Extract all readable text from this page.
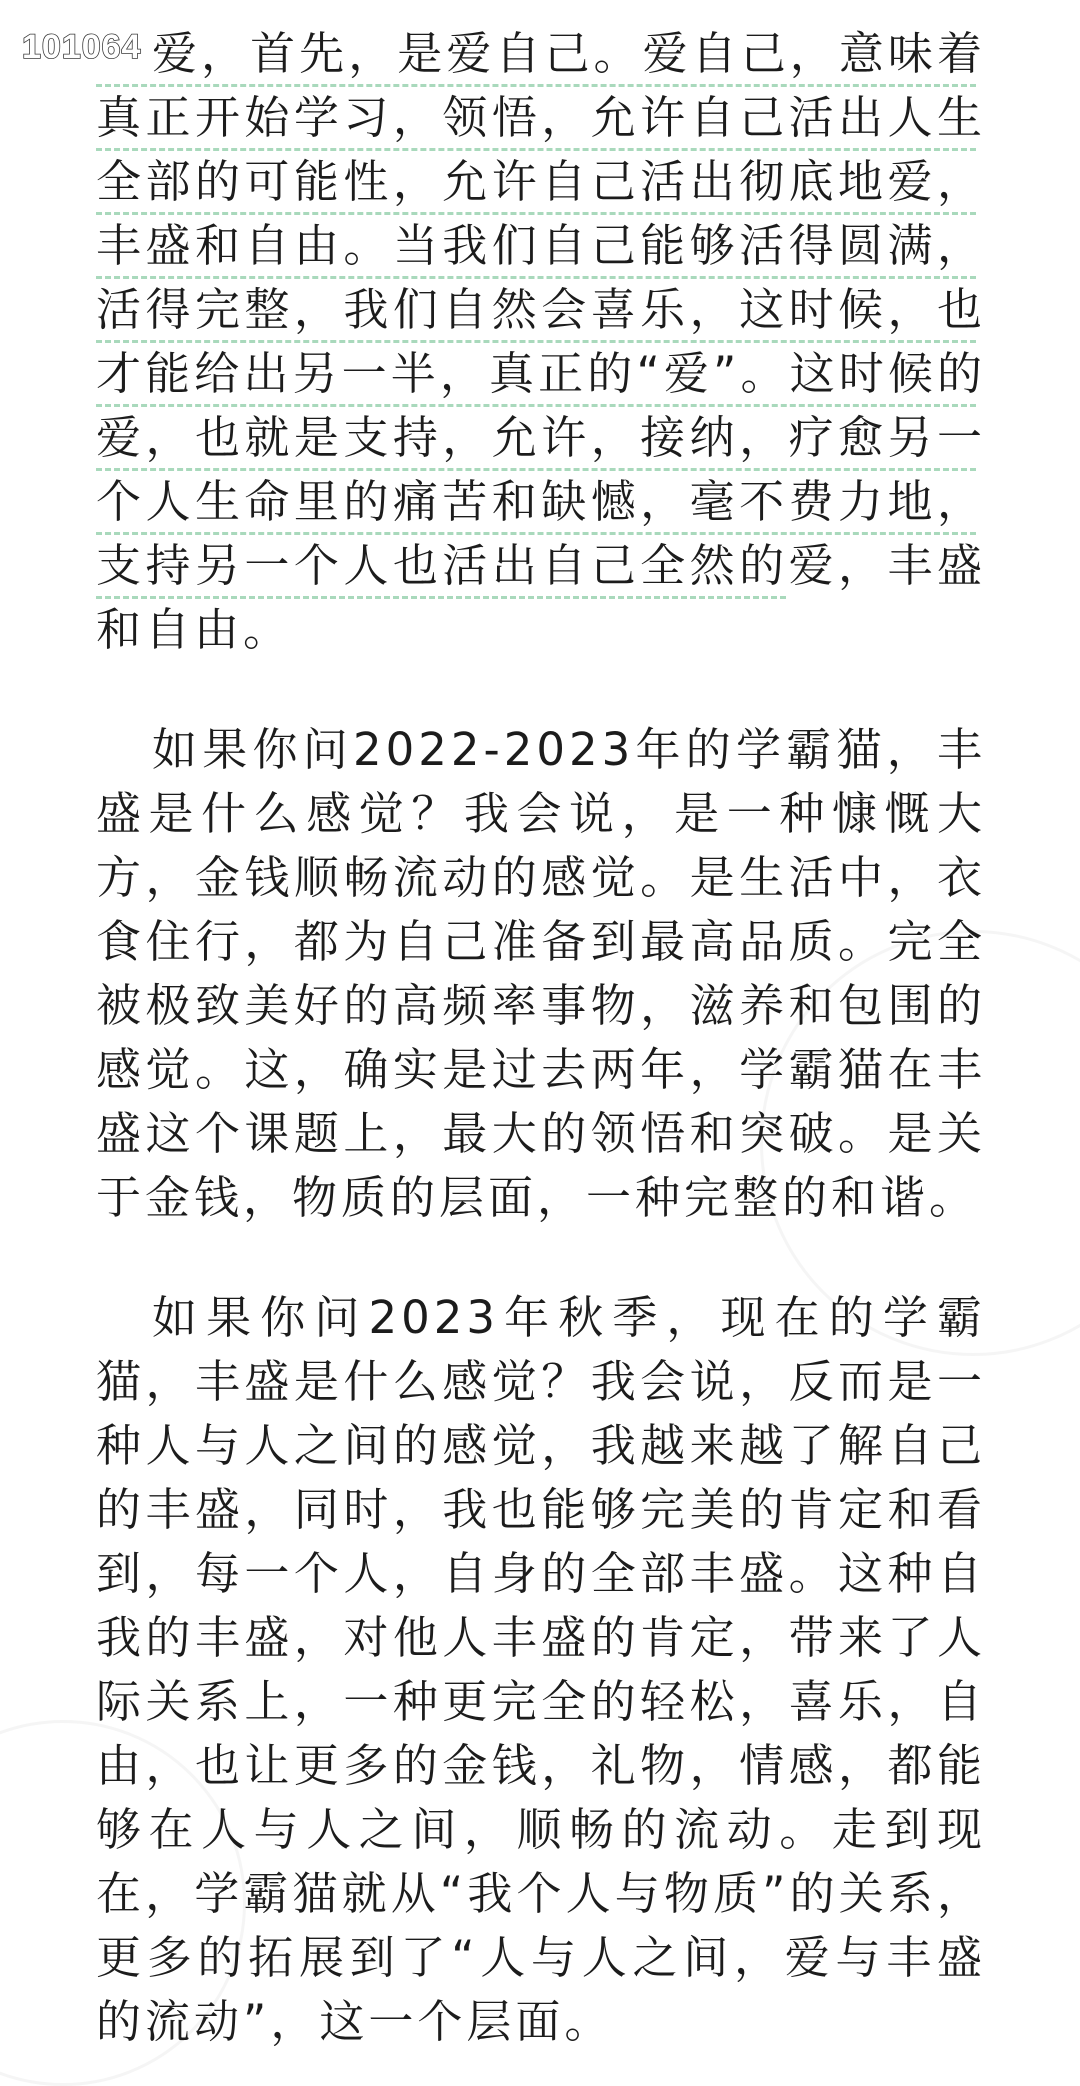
101064 爱，首先，是爱自己。爱自己，意味着真正开始学习，领悟，允许自己活出人生全部的可能性，允许自己活出彻底地爱，丰盛和自由。当我们自己能够活得圆满，活得完整，我们自然会喜乐，这时候，也才能给出另一半，真正的“爱”。这时候的爱，也就是支持，允许，接纳，疗愈另一个人生命里的痛苦和缺憾，毫不费力地，支持另一个人也活出自己全然的爱，丰盛和自由。

如果你问2022-2023年的学霸猫，丰盛是什么感觉？我会说，是一种慷慨大方，金钱顺畅流动的感觉。是生活中，衣食住行，都为自己准备到最高品质。完全被极致美好的高频率事物，滋养和包围的感觉。这，确实是过去两年，学霸猫在丰盛这个课题上，最大的领悟和突破。是关于金钱，物质的层面，一种完整的和谐。

如果你问2023年秋季，现在的学霸猫，丰盛是什么感觉？我会说，反而是一种人与人之间的感觉，我越来越了解自己的丰盛，同时，我也能够完美的肯定和看到，每一个人，自身的全部丰盛。这种自我的丰盛，对他人丰盛的肯定，带来了人际关系上，一种更完全的轻松，喜乐，自由，也让更多的金钱，礼物，情感，都能够在人与人之间，顺畅的流动。走到现在，学霸猫就从“我个人与物质”的关系，更多的拓展到了“人与人之间，爱与丰盛的流动”，这一个层面。
